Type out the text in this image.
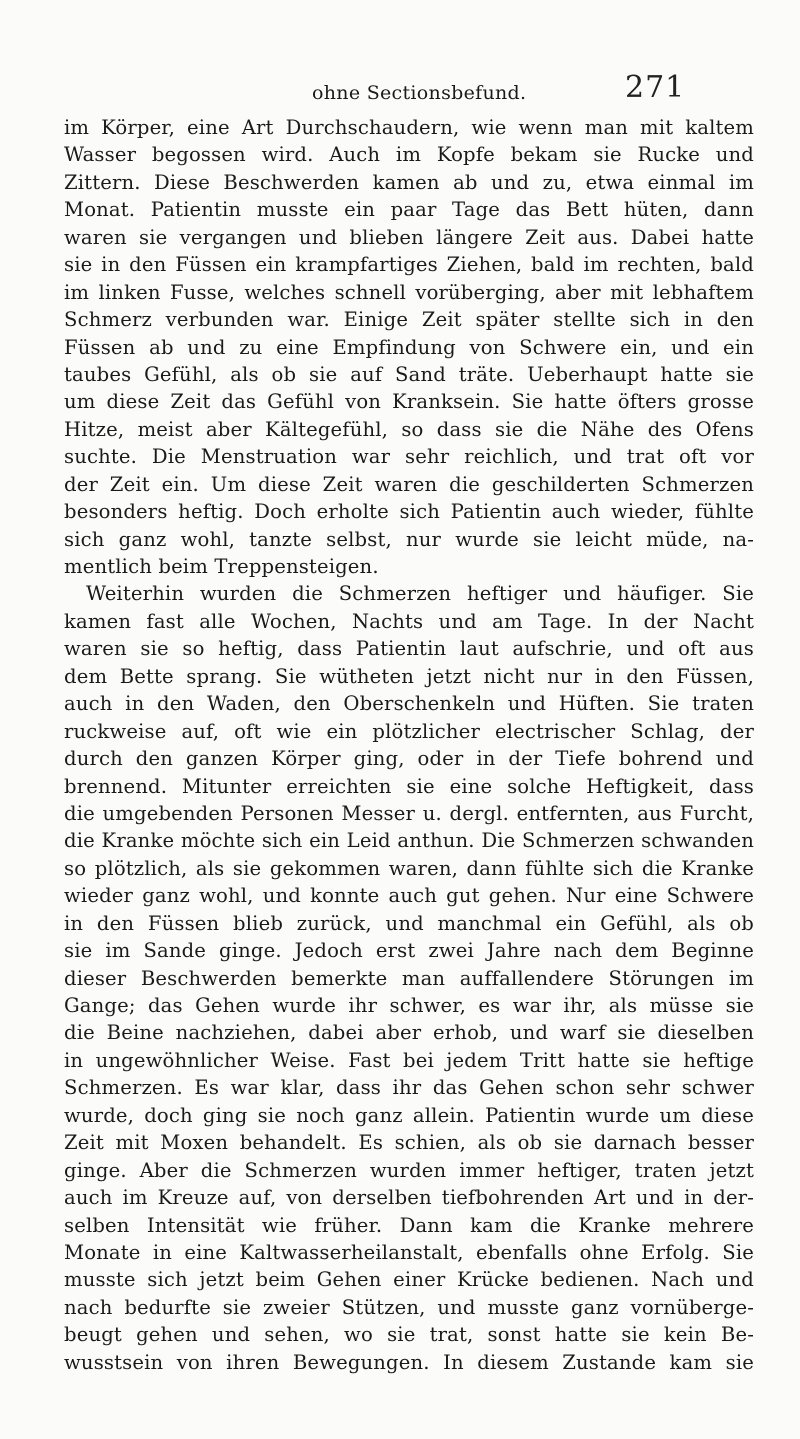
ohne Sectionsbefund.	271
im Körper, eine Art Durchschaudern, wie wenn man mit kaltem
Wasser begossen wird. Auch im Kopfe bekam sie Rucke und
Zittern. Diese Beschwerden kamen ab und zu, etwa einmal im
Monat. Patientin musste ein paar Tage das Bett hüten, dann
waren sie vergangen und blieben längere Zeit aus. Dabei hatte
sie in den Füssen ein krampfartiges Ziehen, bald im rechten, bald
im linken Fusse, welches schnell vorüberging, aber mit lebhaftem
Schmerz verbunden war. Einige Zeit später stellte sich in den
Füssen ab und zu eine Empfindung von Schwere ein, und ein
taubes Gefühl, als ob sie auf Sand träte. Ueberhaupt hatte sie
um diese Zeit das Gefühl von Kranksein. Sie hatte öfters grosse
Hitze, meist aber Kältegefühl, so dass sie die Nähe des Ofens
suchte. Die Menstruation war sehr reichlich, und trat oft vor
der Zeit ein. Um diese Zeit waren die geschilderten Schmerzen
besonders heftig. Doch erholte sich Patientin auch wieder, fühlte
sich ganz wohl, tanzte selbst, nur wurde sie leicht müde, na-
mentlich beim Treppensteigen.
Weiterhin wurden die Schmerzen heftiger und häufiger. Sie
kamen fast alle Wochen, Nachts und am Tage. In der Nacht
waren sie so heftig, dass Patientin laut aufschrie, und oft aus
dem Bette sprang. Sie wütheten jetzt nicht nur in den Füssen,
auch in den Waden, den Oberschenkeln und Hüften. Sie traten
ruckweise auf, oft wie ein plötzlicher electrischer Schlag, der
durch den ganzen Körper ging, oder in der Tiefe bohrend und
brennend. Mitunter erreichten sie eine solche Heftigkeit, dass
die umgebenden Personen Messer u. dergl. entfernten, aus Furcht,
die Kranke möchte sich ein Leid anthun. Die Schmerzen schwanden
so plötzlich, als sie gekommen waren, dann fühlte sich die Kranke
wieder ganz wohl, und konnte auch gut gehen. Nur eine Schwere
in den Füssen blieb zurück, und manchmal ein Gefühl, als ob
sie im Sande ginge. Jedoch erst zwei Jahre nach dem Beginne
dieser Beschwerden bemerkte man auffallendere Störungen im
Gange; das Gehen wurde ihr schwer, es war ihr, als müsse sie
die Beine nachziehen, dabei aber erhob, und warf sie dieselben
in ungewöhnlicher Weise. Fast bei jedem Tritt hatte sie heftige
Schmerzen. Es war klar, dass ihr das Gehen schon sehr schwer
wurde, doch ging sie noch ganz allein. Patientin wurde um diese
Zeit mit Moxen behandelt. Es schien, als ob sie darnach besser
ginge. Aber die Schmerzen wurden immer heftiger, traten jetzt
auch im Kreuze auf, von derselben tiefbohrenden Art und in der-
selben Intensität wie früher. Dann kam die Kranke mehrere
Monate in eine Kaltwasserheilanstalt, ebenfalls ohne Erfolg. Sie
musste sich jetzt beim Gehen einer Krücke bedienen. Nach und
nach bedurfte sie zweier Stützen, und musste ganz vornüberge-
beugt gehen und sehen, wo sie trat, sonst hatte sie kein Be-
wusstsein von ihren Bewegungen. In diesem Zustande kam sie
